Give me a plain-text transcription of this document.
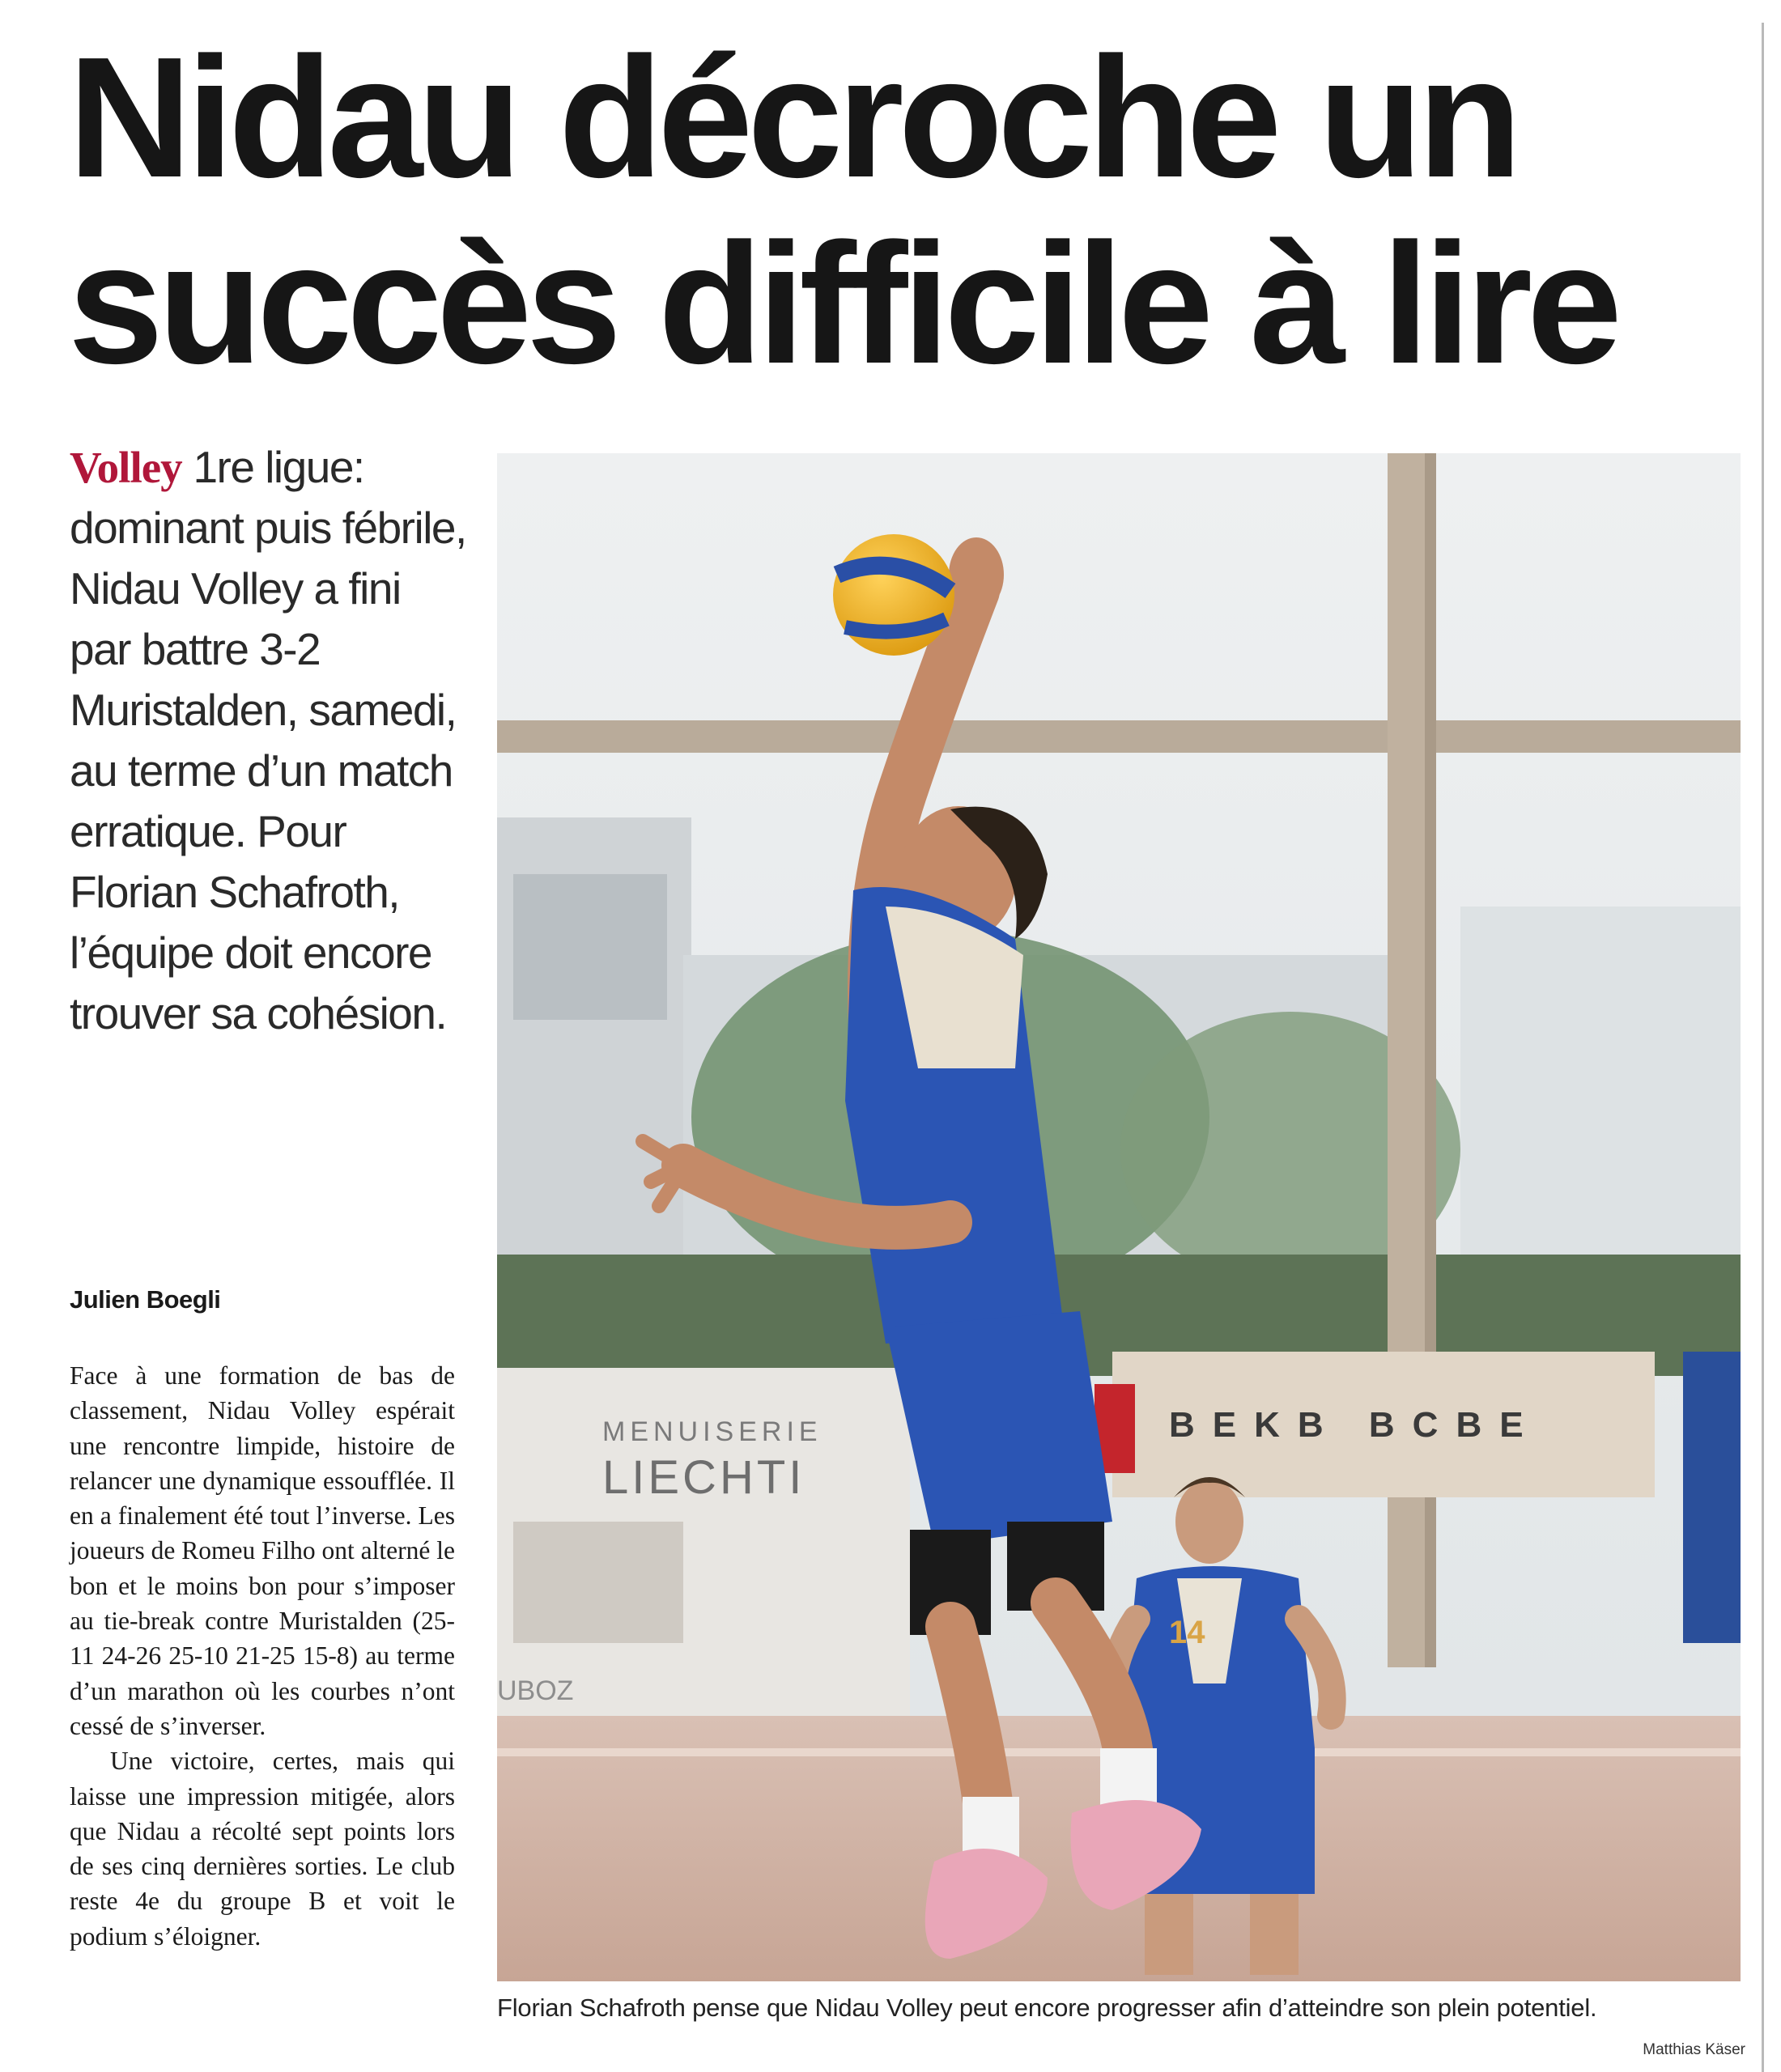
Nidau décroche un
succès difficile à lire

Volley 1re ligue: dominant puis fébrile, Nidau Volley a fini par battre 3-2 Muristalden, samedi, au terme d’un match erratique. Pour Florian Schafroth, l’équipe doit encore trouver sa cohésion.

Julien Boegli

Face à une formation de bas de classement, Nidau Volley espérait une rencontre limpide, histoire de relancer une dynamique essoufflée. Il en a finalement été tout l’inverse. Les joueurs de Romeu Filho ont alterné le bon et le moins bon pour s’imposer au tie-break contre Muristalden (25-11 24-26 25-10 21-25 15-8) au terme d’un marathon où les courbes n’ont cessé de s’inverser.

Une victoire, certes, mais qui laisse une impression mitigée, alors que Nidau a récolté sept points lors de ses cinq dernières sorties. Le club reste 4e du groupe B et voit le podium s’éloigner.

MENUISERIE
LIECHTI
UBOZ
BEKB BCBE
14

Florian Schafroth pense que Nidau Volley peut encore progresser afin d’atteindre son plein potentiel.

Matthias Käser
